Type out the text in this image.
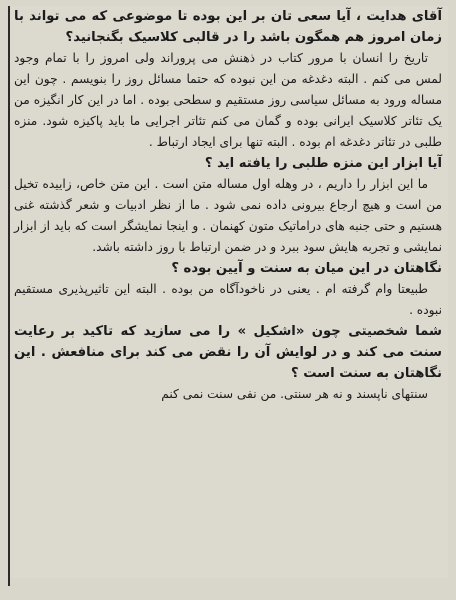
آقای هدایت ، آیا سعی تان بر این بوده تا موضوعی که می تواند با زمان امروز هم همگون باشد را در قالبی کلاسیک بگنجانید؟

تاریخ را انسان با مرور کتاب در ذهنش می پروراند ولی امروز را با تمام وجود لمس می کنم . البته دغدغه من این نبوده که حتما مسائل روز را بنویسم . چون این مساله ورود به مسائل سیاسی روز مستقیم و سطحی بوده . اما در این کار انگیزه من یک تئاتر کلاسیک ایرانی بوده و گمان می کنم تئاتر اجرایی ما باید پاکیزه شود. منزه طلبی در تئاتر دغدغه ام بوده . البته تنها برای ایجاد ارتباط .

آیا ابزار این منزه طلبی را یافته اید ؟

ما این ابزار را داریم ، در وهله اول مساله متن است . این متن خاص، زاییده تخیل من است و هیچ ارجاع بیرونی داده نمی شود . ما از نظر ادبیات و شعر گذشته غنی هستیم و حتی جنبه های دراماتیک متون کهنمان . و اینجا نمایشگر است که باید از ابزار نمایشی و تجربه هایش سود ببرد و در ضمن ارتباط با روز داشته باشد.

نگاهتان در این میان به سنت و آیین بوده ؟

طبیعتا وام گرفته ام . یعنی در ناخودآگاه من بوده . البته این تاثیرپذیری مستقیم نبوده .

شما شخصیتی چون «اشکیل » را می سازید که تاکید بر رعایت سنت می کند و در لوایش آن را نقض می کند برای منافعش . این نگاهتان به سنت است ؟

سنتهای ناپسند و نه هر سنتی. من نفی سنت نمی کنم
